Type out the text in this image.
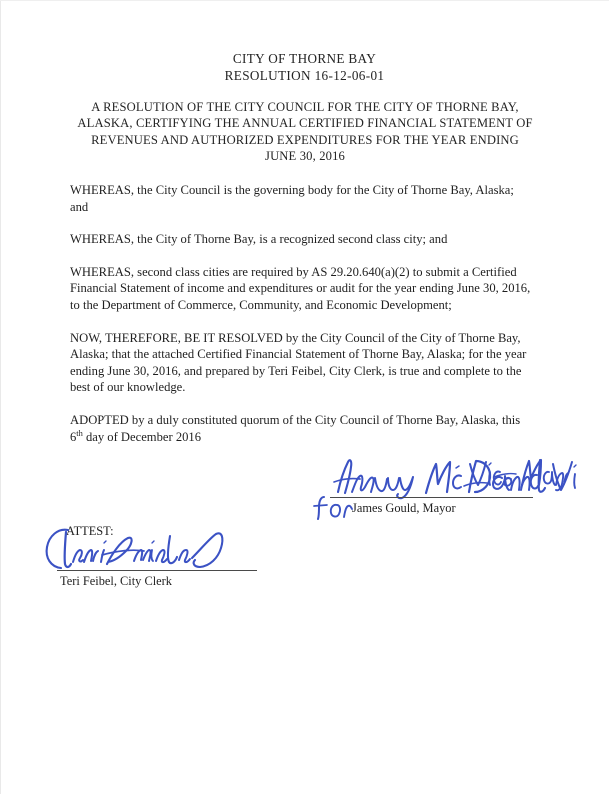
CITY OF THORNE BAY
RESOLUTION 16-12-06-01
A RESOLUTION OF THE CITY COUNCIL FOR THE CITY OF THORNE BAY,
ALASKA, CERTIFYING THE ANNUAL CERTIFIED FINANCIAL STATEMENT OF
REVENUES AND AUTHORIZED EXPENDITURES FOR THE YEAR ENDING
JUNE 30, 2016

WHEREAS, the City Council is the governing body for the City of Thorne Bay, Alaska; and

WHEREAS, the City of Thorne Bay, is a recognized second class city; and

WHEREAS, second class cities are required by AS 29.20.640(a)(2) to submit a Certified Financial Statement of income and expenditures or audit for the year ending June 30, 2016, to the Department of Commerce, Community, and Economic Development;

NOW, THEREFORE, BE IT RESOLVED by the City Council of the City of Thorne Bay, Alaska; that the attached Certified Financial Statement of Thorne Bay, Alaska; for the year ending June 30, 2016, and prepared by Teri Feibel, City Clerk, is true and complete to the best of our knowledge.

ADOPTED by a duly constituted quorum of the City Council of Thorne Bay, Alaska, this 6th day of December 2016

James Gould, Mayor
ATTEST:
Teri Feibel, City Clerk
